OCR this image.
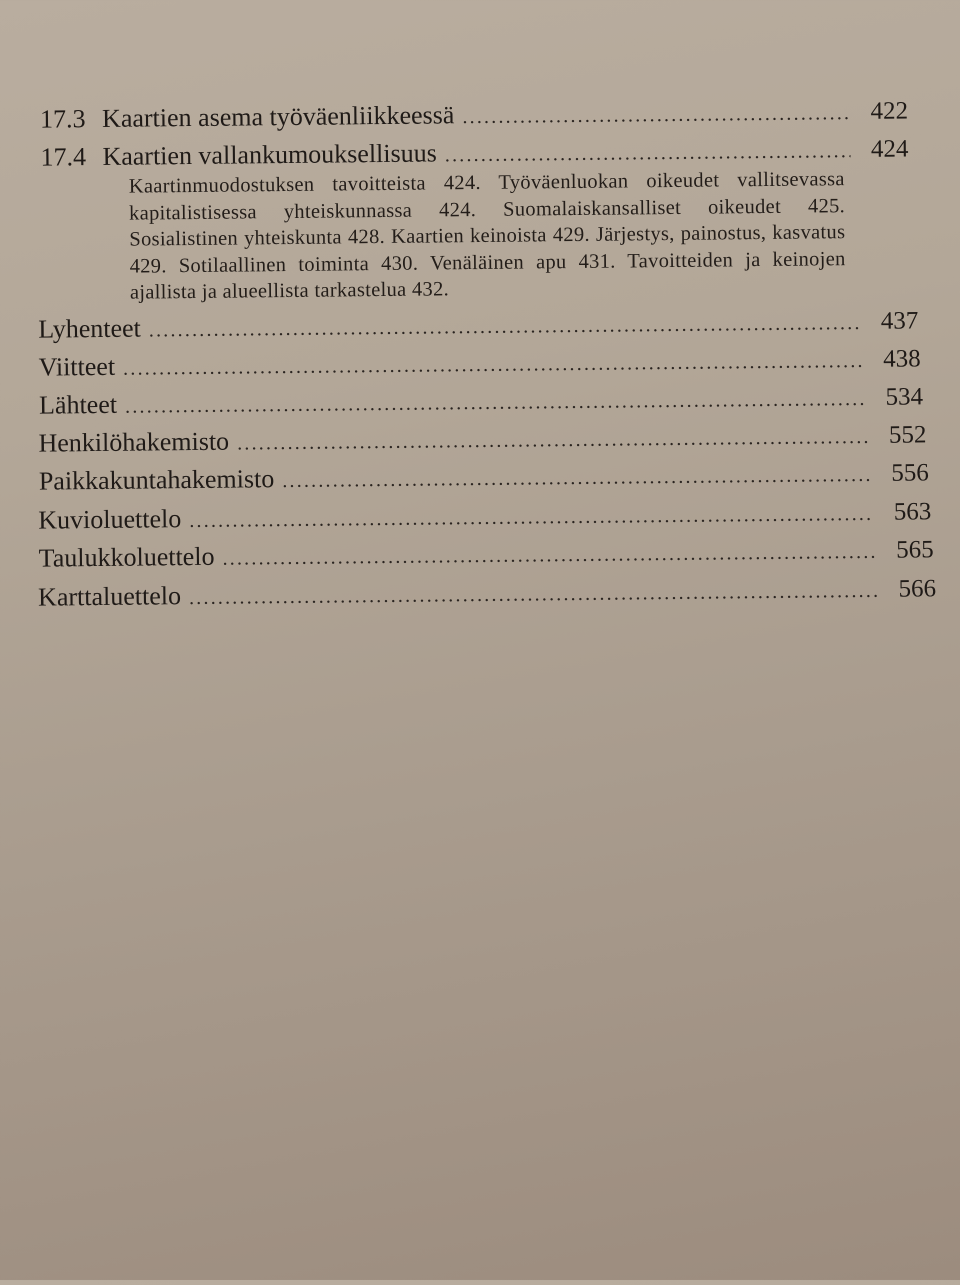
17.3 Kaartien asema työväenliikkeessä . . .	422
17.4 Kaartien vallankumouksellisuus . . .	424
Kaartinmuodostuksen tavoitteista 424. Työväenluokan oikeudet vallitsevassa kapitalistisessa yhteiskunnassa 424. Suomalaiskansalliset oikeudet 425. Sosialistinen yhteiskunta 428. Kaartien keinoista 429. Järjestys, painostus, kasvatus 429. Sotilaallinen toiminta 430. Venäläinen apu 431. Tavoitteiden ja keinojen ajallista ja alueellista tarkastelua 432.
Lyhenteet . . .	437
Viitteet . . .	438
Lähteet . . .	534
Henkilöhakemisto . . .	552
Paikkakuntahakemisto . . .	556
Kuvioluettelo . . .	563
Taulukkoluettelo . . .	565
Karttaluettelo . . .	566
